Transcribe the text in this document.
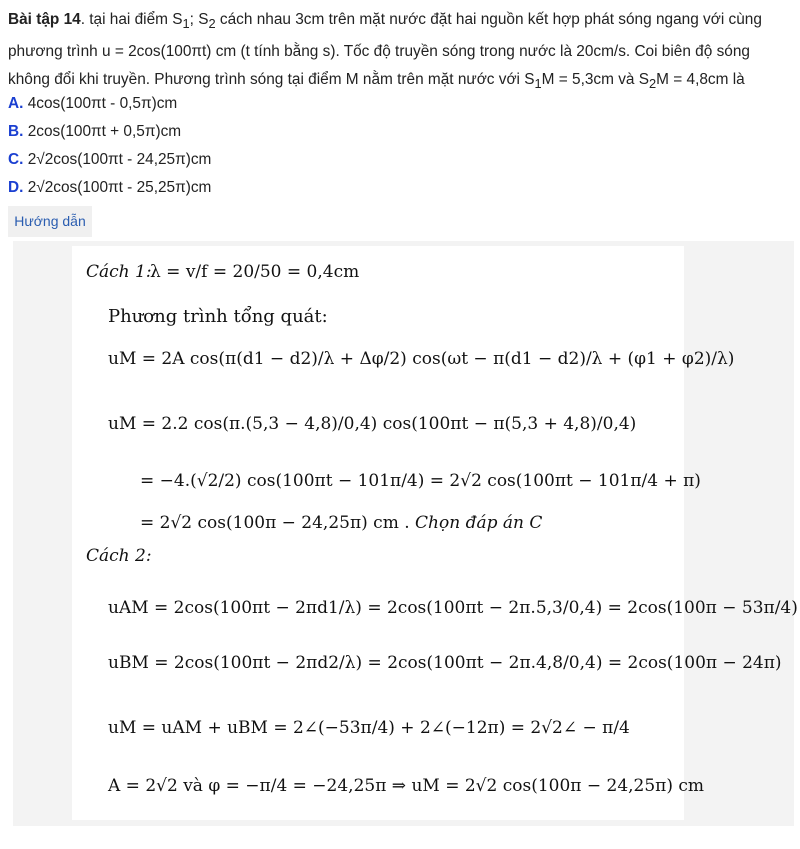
Bài tập 14. tại hai điểm $S_1$; $S_2$ cách nhau 3cm trên mặt nước đặt hai nguồn kết hợp phát sóng ngang với cùng phương trình u = 2cos(100πt) cm (t tính bằng s). Tốc độ truyền sóng trong nước là 20cm/s. Coi biên độ sóng không đổi khi truyền. Phương trình sóng tại điểm M nằm trên mặt nước với $S_1M = 5,3cm$ và $S_2M = 4,8cm$ là
A. 4cos(100πt - 0,5π)cm
B. 2cos(100πt + 0,5π)cm
C. 2√2cos(100πt - 24,25π)cm
D. 2√2cos(100πt - 25,25π)cm
Hướng dẫn
Cách 1:
λ = v/f = 20/50 = 0,4cm
Phương trình tổng quát:
uM = 2A cos(π(d1 − d2)/λ + Δφ/2) cos(ωt − π(d1 − d2)/λ + (φ1 + φ2)/λ)
uM = 2.2 cos(π.(5,3 − 4,8)/0,4) cos(100πt − π(5,3 + 4,8)/0,4)
= −4.(√2/2) cos(100πt − 101π/4) = 2√2 cos(100πt − 101π/4 + π)
= 2√2 cos(100π − 24,25π) cm . Chọn đáp án C
Cách 2:
uAM = 2cos(100πt − 2πd1/λ) = 2cos(100πt − 2π.5,3/0,4) = 2cos(100π − 53π/4)
uBM = 2cos(100πt − 2πd2/λ) = 2cos(100πt − 2π.4,8/0,4) = 2cos(100π − 24π)
uM = uAM + uBM = 2∠(−53π/4) + 2∠(−12π) = 2√2∠ − π/4
A = 2√2 và φ = −π/4 = −24,25π ⇒ uM = 2√2 cos(100π − 24,25π) cm
